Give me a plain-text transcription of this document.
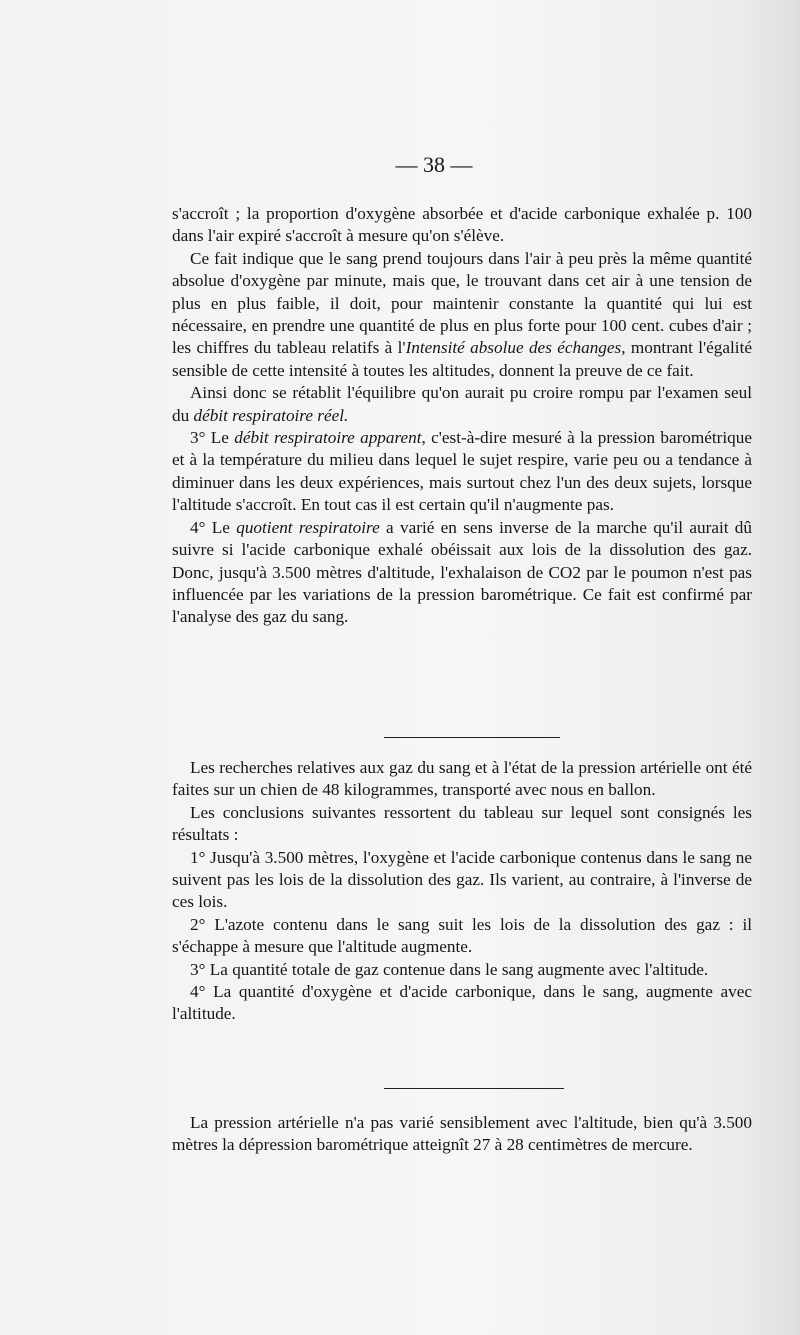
— 38 —

s'accroît ; la proportion d'oxygène absorbée et d'acide carbonique exhalée p. 100 dans l'air expiré s'accroît à mesure qu'on s'élève.

Ce fait indique que le sang prend toujours dans l'air à peu près la même quantité absolue d'oxygène par minute, mais que, le trouvant dans cet air à une tension de plus en plus faible, il doit, pour maintenir constante la quantité qui lui est nécessaire, en prendre une quantité de plus en plus forte pour 100 cent. cubes d'air ; les chiffres du tableau relatifs à l'Intensité absolue des échanges, montrant l'égalité sensible de cette intensité à toutes les altitudes, donnent la preuve de ce fait.

Ainsi donc se rétablit l'équilibre qu'on aurait pu croire rompu par l'examen seul du débit respiratoire réel.

3° Le débit respiratoire apparent, c'est-à-dire mesuré à la pression barométrique et à la température du milieu dans lequel le sujet respire, varie peu ou a tendance à diminuer dans les deux expériences, mais surtout chez l'un des deux sujets, lorsque l'altitude s'accroît. En tout cas il est certain qu'il n'augmente pas.

4° Le quotient respiratoire a varié en sens inverse de la marche qu'il aurait dû suivre si l'acide carbonique exhalé obéissait aux lois de la dissolution des gaz. Donc, jusqu'à 3.500 mètres d'altitude, l'exhalaison de CO2 par le poumon n'est pas influencée par les variations de la pression barométrique. Ce fait est confirmé par l'analyse des gaz du sang.

Les recherches relatives aux gaz du sang et à l'état de la pression artérielle ont été faites sur un chien de 48 kilogrammes, transporté avec nous en ballon.

Les conclusions suivantes ressortent du tableau sur lequel sont consignés les résultats :

1° Jusqu'à 3.500 mètres, l'oxygène et l'acide carbonique contenus dans le sang ne suivent pas les lois de la dissolution des gaz. Ils varient, au contraire, à l'inverse de ces lois.

2° L'azote contenu dans le sang suit les lois de la dissolution des gaz : il s'échappe à mesure que l'altitude augmente.

3° La quantité totale de gaz contenue dans le sang augmente avec l'altitude.

4° La quantité d'oxygène et d'acide carbonique, dans le sang, augmente avec l'altitude.

La pression artérielle n'a pas varié sensiblement avec l'altitude, bien qu'à 3.500 mètres la dépression barométrique atteignît 27 à 28 centimètres de mercure.
